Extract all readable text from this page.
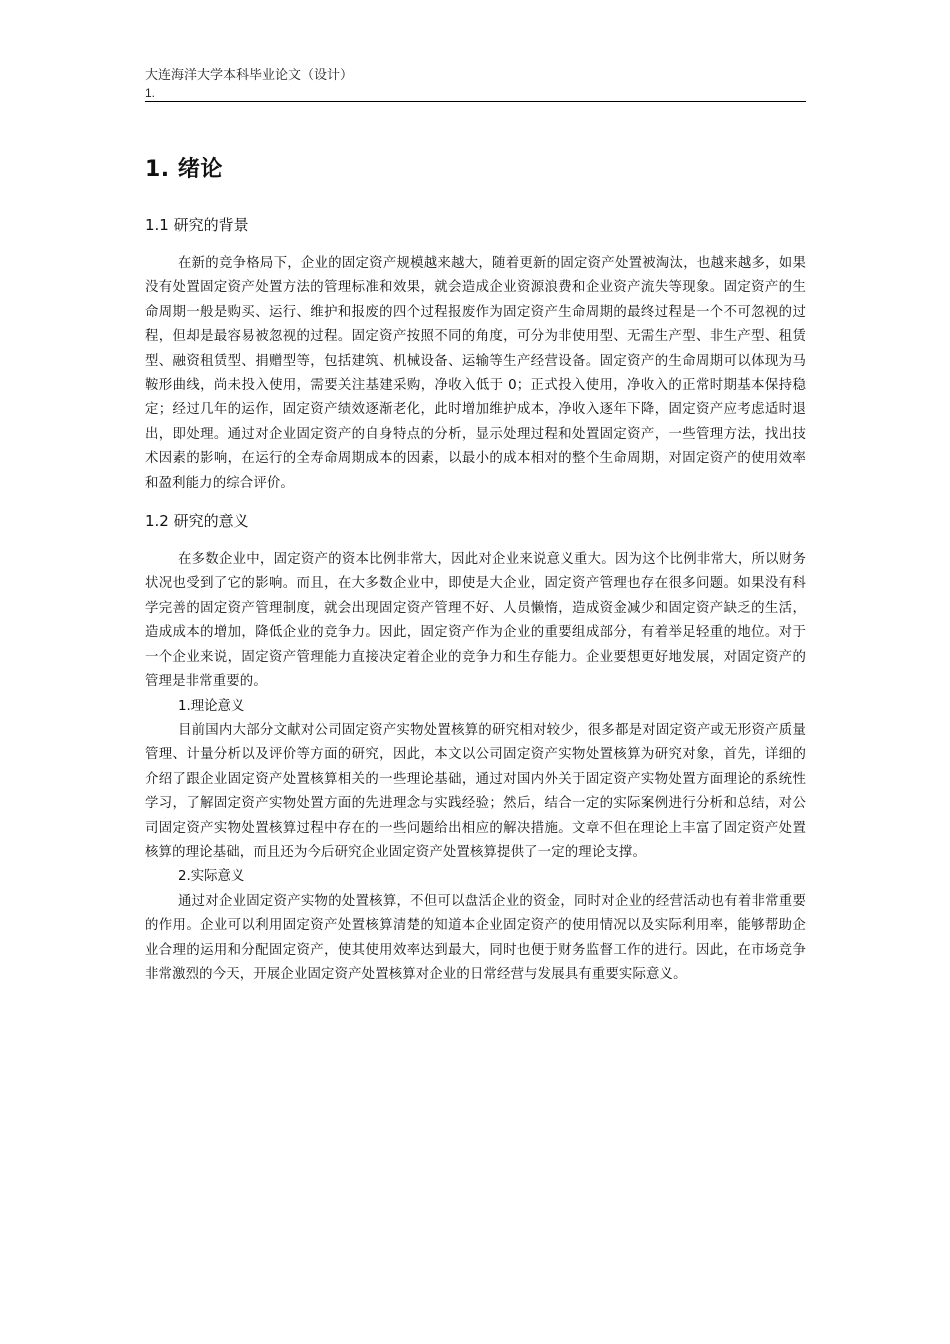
大连海洋大学本科毕业论文（设计）
1.
1. 绪论
1.1 研究的背景

在新的竞争格局下，企业的固定资产规模越来越大，随着更新的固定资产处置被淘汰，也越来越多，如果没有处置固定资产处置方法的管理标准和效果，就会造成企业资源浪费和企业资产流失等现象。固定资产的生命周期一般是购买、运行、维护和报废的四个过程报废作为固定资产生命周期的最终过程是一个不可忽视的过程，但却是最容易被忽视的过程。固定资产按照不同的角度，可分为非使用型、无需生产型、非生产型、租赁型、融资租赁型、捐赠型等，包括建筑、机械设备、运输等生产经营设备。固定资产的生命周期可以体现为马鞍形曲线，尚未投入使用，需要关注基建采购，净收入低于 0；正式投入使用，净收入的正常时期基本保持稳定；经过几年的运作，固定资产绩效逐渐老化，此时增加维护成本，净收入逐年下降，固定资产应考虑适时退出，即处理。通过对企业固定资产的自身特点的分析，显示处理过程和处置固定资产，一些管理方法，找出技术因素的影响，在运行的全寿命周期成本的因素，以最小的成本相对的整个生命周期，对固定资产的使用效率和盈利能力的综合评价。

1.2 研究的意义

在多数企业中，固定资产的资本比例非常大，因此对企业来说意义重大。因为这个比例非常大，所以财务状况也受到了它的影响。而且，在大多数企业中，即使是大企业，固定资产管理也存在很多问题。如果没有科学完善的固定资产管理制度，就会出现固定资产管理不好、人员懒惰，造成资金减少和固定资产缺乏的生活，造成成本的增加，降低企业的竞争力。因此，固定资产作为企业的重要组成部分，有着举足轻重的地位。对于一个企业来说，固定资产管理能力直接决定着企业的竞争力和生存能力。企业要想更好地发展，对固定资产的管理是非常重要的。

1.理论意义

目前国内大部分文献对公司固定资产实物处置核算的研究相对较少，很多都是对固定资产或无形资产质量管理、计量分析以及评价等方面的研究，因此，本文以公司固定资产实物处置核算为研究对象，首先，详细的介绍了跟企业固定资产处置核算相关的一些理论基础，通过对国内外关于固定资产实物处置方面理论的系统性学习，了解固定资产实物处置方面的先进理念与实践经验；然后，结合一定的实际案例进行分析和总结，对公司固定资产实物处置核算过程中存在的一些问题给出相应的解决措施。文章不但在理论上丰富了固定资产处置核算的理论基础，而且还为今后研究企业固定资产处置核算提供了一定的理论支撑。

2.实际意义

通过对企业固定资产实物的处置核算，不但可以盘活企业的资金，同时对企业的经营活动也有着非常重要的作用。企业可以利用固定资产处置核算清楚的知道本企业固定资产的使用情况以及实际利用率，能够帮助企业合理的运用和分配固定资产，使其使用效率达到最大，同时也便于财务监督工作的进行。因此，在市场竞争非常激烈的今天，开展企业固定资产处置核算对企业的日常经营与发展具有重要实际意义。
